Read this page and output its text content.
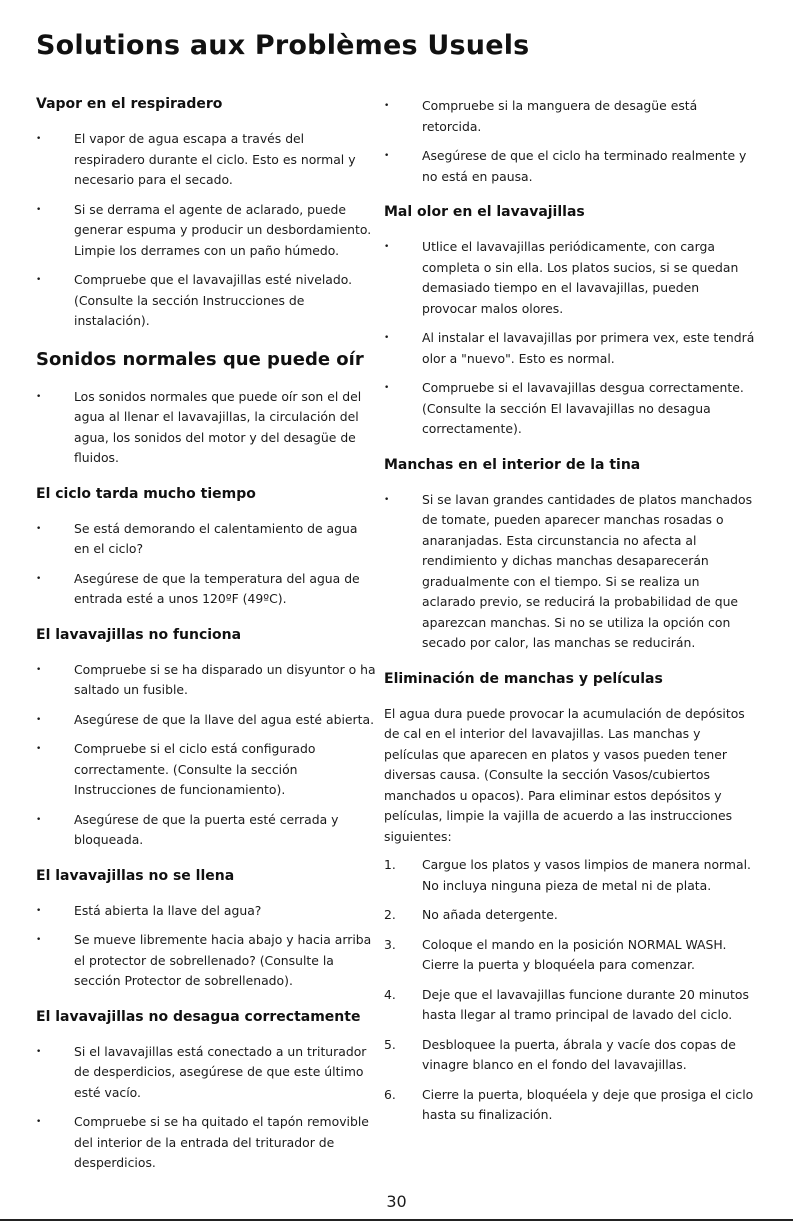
Solutions aux Problèmes Usuels
Vapor en el respiradero
• El vapor de agua escapa a través del respiradero durante el ciclo. Esto es normal y necesario para el secado.
• Si se derrama el agente de aclarado, puede generar espuma y producir un desbordamiento. Limpie los derrames con un paño húmedo.
• Compruebe que el lavavajillas esté nivelado. (Consulte la sección Instrucciones de instalación).
Sonidos normales que puede oír
• Los sonidos normales que puede oír son el del agua al llenar el lavavajillas, la circulación del agua, los sonidos del motor y del desagüe de fluidos.
El ciclo tarda mucho tiempo
• Se está demorando el calentamiento de agua en el ciclo?
• Asegúrese de que la temperatura del agua de entrada esté a unos 120ºF (49ºC).
El lavavajillas no funciona
• Compruebe si se ha disparado un disyuntor o ha saltado un fusible.
• Asegúrese de que la llave del agua esté abierta.
• Compruebe si el ciclo está configurado correctamente. (Consulte la sección Instrucciones de funcionamiento).
• Asegúrese de que la puerta esté cerrada y bloqueada.
El lavavajillas no se llena
• Está abierta la llave del agua?
• Se mueve libremente hacia abajo y hacia arriba el protector de sobrellenado? (Consulte la sección Protector de sobrellenado).
El lavavajillas no desagua correctamente
• Si el lavavajillas está conectado a un triturador de desperdicios, asegúrese de que este último esté vacío.
• Compruebe si se ha quitado el tapón removible del interior de la entrada del triturador de desperdicios.
• Compruebe si la manguera de desagüe está retorcida.
• Asegúrese de que el ciclo ha terminado realmente y no está en pausa.
Mal olor en el lavavajillas
• Utlice el lavavajillas periódicamente, con carga completa o sin ella. Los platos sucios, si se quedan demasiado tiempo en el lavavajillas, pueden provocar malos olores.
• Al instalar el lavavajillas por primera vex, este tendrá olor a "nuevo". Esto es normal.
• Compruebe si el lavavajillas desgua correctamente. (Consulte la sección El lavavajillas no desagua correctamente).
Manchas en el interior de la tina
• Si se lavan grandes cantidades de platos manchados de tomate, pueden aparecer manchas rosadas o anaranjadas. Esta circunstancia no afecta al rendimiento y dichas manchas desaparecerán gradualmente con el tiempo. Si se realiza un aclarado previo, se reducirá la probabilidad de que aparezcan manchas. Si no se utiliza la opción con secado por calor, las manchas se reducirán.
Eliminación de manchas y películas

El agua dura puede provocar la acumulación de depósitos de cal en el interior del lavavajillas. Las manchas y películas que aparecen en platos y vasos pueden tener diversas causa. (Consulte la sección Vasos/cubiertos manchados u opacos). Para eliminar estos depósitos y películas, limpie la vajilla de acuerdo a las instrucciones siguientes:

1. Cargue los platos y vasos limpios de manera normal. No incluya ninguna pieza de metal ni de plata.
2. No añada detergente.
3. Coloque el mando en la posición NORMAL WASH. Cierre la puerta y bloquéela para comenzar.
4. Deje que el lavavajillas funcione durante 20 minutos hasta llegar al tramo principal de lavado del ciclo.
5. Desbloquee la puerta, ábrala y vacíe dos copas de vinagre blanco en el fondo del lavavajillas.
6. Cierre la puerta, bloquéela y deje que prosiga el ciclo hasta su finalización.
30
